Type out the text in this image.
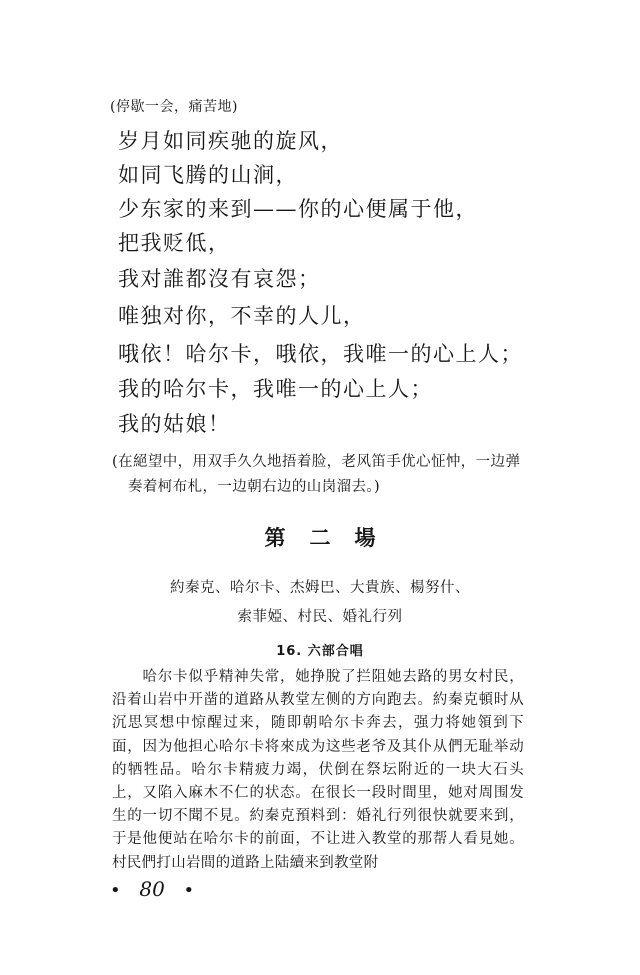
(停歇一会，痛苦地)
岁月如同疾驰的旋风，
如同飞腾的山涧，
少东家的来到——你的心便属于他，
把我贬低，
我对誰都沒有哀怨；
唯独对你，不幸的人儿，
哦依！哈尔卡，哦依，我唯一的心上人；
我的哈尔卡，我唯一的心上人；
我的姑娘！
(在絕望中，用双手久久地捂着脸，老风笛手优心怔忡，一边弹
奏着柯布札，一边朝右边的山岗溜去。)
第 二 場
約秦克、哈尔卡、杰姆巴、大貴族、楊努什、
索菲婭、村民、婚礼行列
16. 六部合唱
哈尔卡似乎精神失常，她挣脫了拦阻她去路的男女村民，沿着山岩中开凿的道路从教堂左侧的方向跑去。約秦克頓时从沉思冥想中惊醒过来，随即朝哈尔卡奔去，强力将她領到下面，因为他担心哈尔卡将來成为这些老爷及其仆从們无耻举动的牺牲品。哈尔卡精疲力竭，伏倒在祭坛附近的一块大石头上，又陷入麻木不仁的状态。在很长一段时間里，她对周围发生的一切不聞不見。約秦克預料到：婚礼行列很快就要来到，于是他便站在哈尔卡的前面，不让进入教堂的那帮人看見她。村民們打山岩間的道路上陆續来到教堂附
• 80 •
